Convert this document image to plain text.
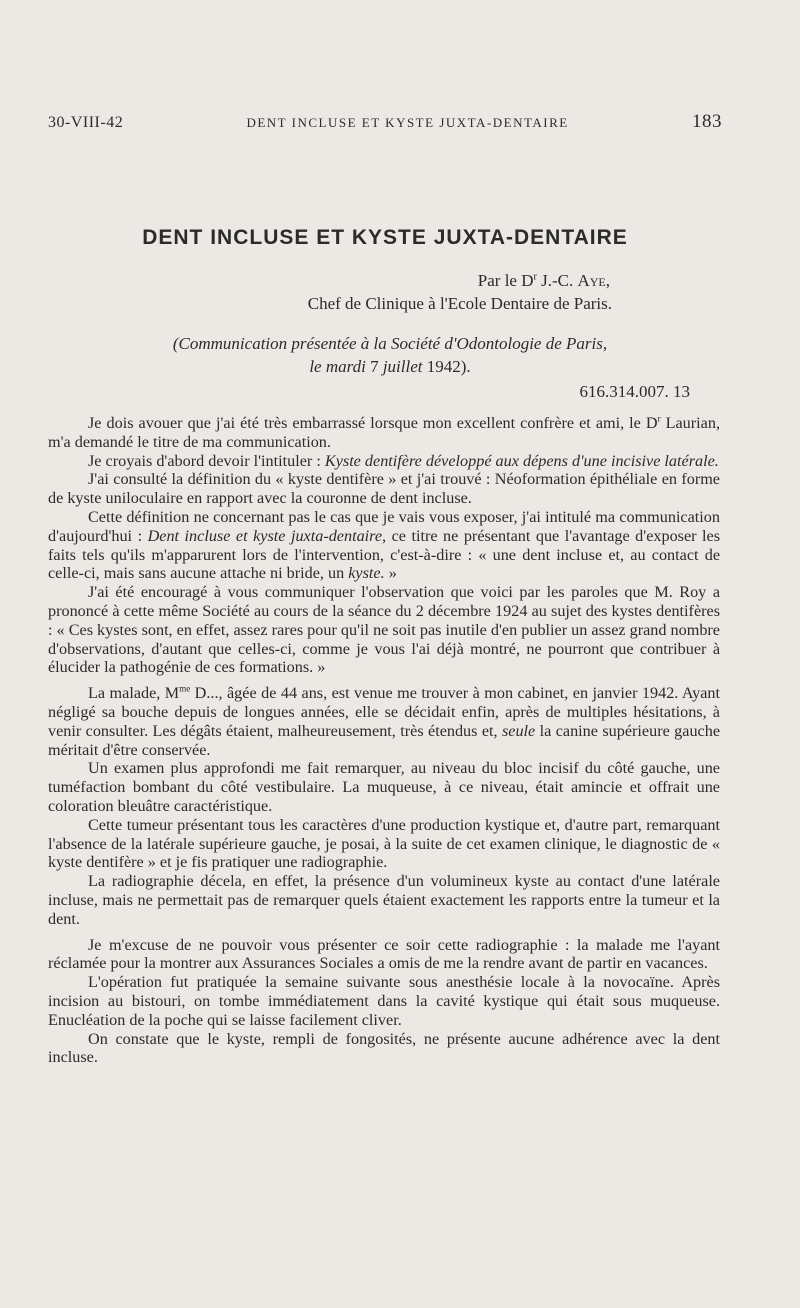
30-VIII-42	DENT INCLUSE ET KYSTE JUXTA-DENTAIRE	183
DENT INCLUSE ET KYSTE JUXTA-DENTAIRE
Par le $D^r$ J.-C. Aye,
Chef de Clinique à l'Ecole Dentaire de Paris.
(Communication présentée à la Société d'Odontologie de Paris,
le mardi 7 juillet 1942).
616.314.007. 13

Je dois avouer que j'ai été très embarrassé lorsque mon excellent confrère et ami, le $D^r$ Laurian, m'a demandé le titre de ma communication.

Je croyais d'abord devoir l'intituler : Kyste dentifère développé aux dépens d'une incisive latérale.

J'ai consulté la définition du « kyste dentifère » et j'ai trouvé : Néoformation épithéliale en forme de kyste uniloculaire en rapport avec la couronne de dent incluse.

Cette définition ne concernant pas le cas que je vais vous exposer, j'ai intitulé ma communication d'aujourd'hui : Dent incluse et kyste juxta-dentaire, ce titre ne présentant que l'avantage d'exposer les faits tels qu'ils m'apparurent lors de l'intervention, c'est-à-dire : « une dent incluse et, au contact de celle-ci, mais sans aucune attache ni bride, un kyste. »

J'ai été encouragé à vous communiquer l'observation que voici par les paroles que M. Roy a prononcé à cette même Société au cours de la séance du 2 décembre 1924 au sujet des kystes dentifères : « Ces kystes sont, en effet, assez rares pour qu'il ne soit pas inutile d'en publier un assez grand nombre d'observations, d'autant que celles-ci, comme je vous l'ai déjà montré, ne pourront que contribuer à élucider la pathogénie de ces formations. »

La malade, $M^{me}$ D..., âgée de 44 ans, est venue me trouver à mon cabinet, en janvier 1942. Ayant négligé sa bouche depuis de longues années, elle se décidait enfin, après de multiples hésitations, à venir consulter. Les dégâts étaient, malheureusement, très étendus et, seule la canine supérieure gauche méritait d'être conservée.

Un examen plus approfondi me fait remarquer, au niveau du bloc incisif du côté gauche, une tuméfaction bombant du côté vestibulaire. La muqueuse, à ce niveau, était amincie et offrait une coloration bleuâtre caractéristique.

Cette tumeur présentant tous les caractères d'une production kystique et, d'autre part, remarquant l'absence de la latérale supérieure gauche, je posai, à la suite de cet examen clinique, le diagnostic de « kyste dentifère » et je fis pratiquer une radiographie.

La radiographie décela, en effet, la présence d'un volumineux kyste au contact d'une latérale incluse, mais ne permettait pas de remarquer quels étaient exactement les rapports entre la tumeur et la dent.

Je m'excuse de ne pouvoir vous présenter ce soir cette radiographie : la malade me l'ayant réclamée pour la montrer aux Assurances Sociales a omis de me la rendre avant de partir en vacances.

L'opération fut pratiquée la semaine suivante sous anesthésie locale à la novocaïne. Après incision au bistouri, on tombe immédiatement dans la cavité kystique qui était sous muqueuse. Enucléation de la poche qui se laisse facilement cliver.

On constate que le kyste, rempli de fongosités, ne présente aucune adhérence avec la dent incluse.
